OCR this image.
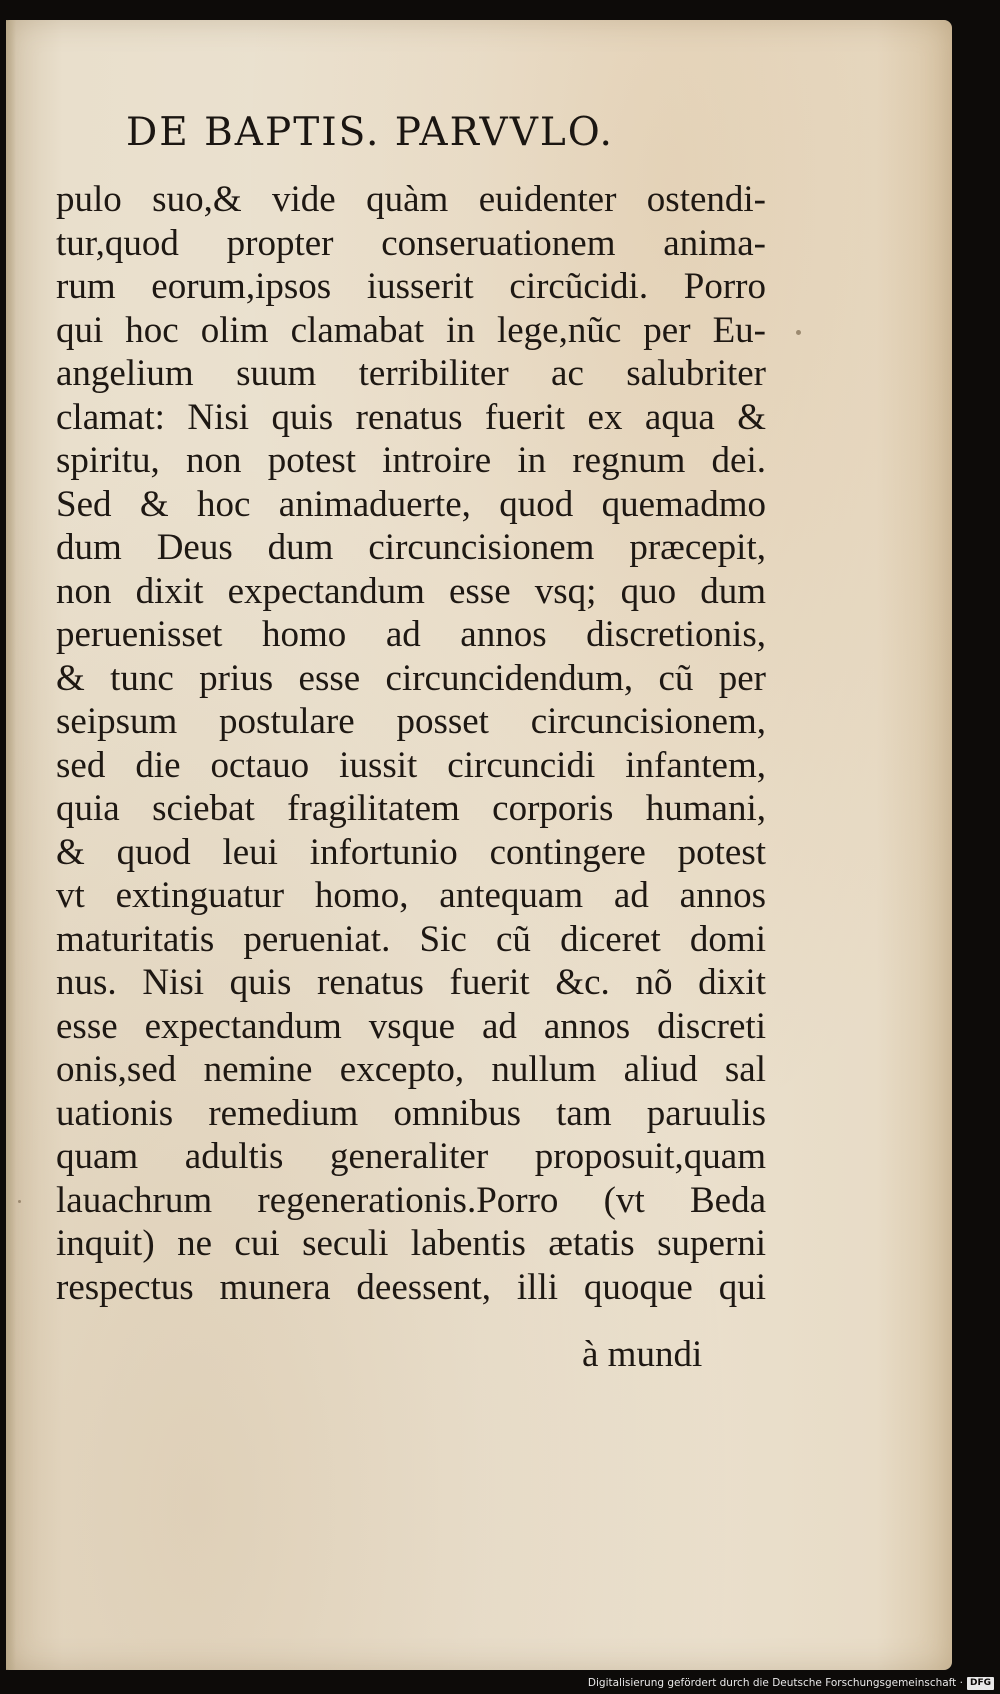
DE BAPTIS. PARVVLO.
pulo suo,& vide quàm euidenter ostendi-
tur,quod propter conseruationem anima-
rum eorum,ipsos iusserit circũcidi. Porro
qui hoc olim clamabat in lege,nũc per Eu-
angelium suum terribiliter ac salubriter
clamat: Nisi quis renatus fuerit ex aqua &
spiritu, non potest introire in regnum dei.
Sed & hoc animaduerte, quod quemadmo
dum Deus dum circuncisionem præcepit,
non dixit expectandum esse vsq; quo dum
peruenisset homo ad annos discretionis,
& tunc prius esse circuncidendum, cũ per
seipsum postulare posset circuncisionem,
sed die octauo iussit circuncidi infantem,
quia sciebat fragilitatem corporis humani,
& quod leui infortunio contingere potest
vt extinguatur homo, antequam ad annos
maturitatis perueniat. Sic cũ diceret domi
nus. Nisi quis renatus fuerit &c. nõ dixit
esse expectandum vsque ad annos discreti
onis,sed nemine excepto, nullum aliud sal
uationis remedium omnibus tam paruulis
quam adultis generaliter proposuit,quam
lauachrum regenerationis.Porro (vt Beda
inquit) ne cui seculi labentis ætatis superni
respectus munera deessent, illi quoque qui
à mundi
Digitalisierung gefördert durch die Deutsche Forschungsgemeinschaft · DFG
